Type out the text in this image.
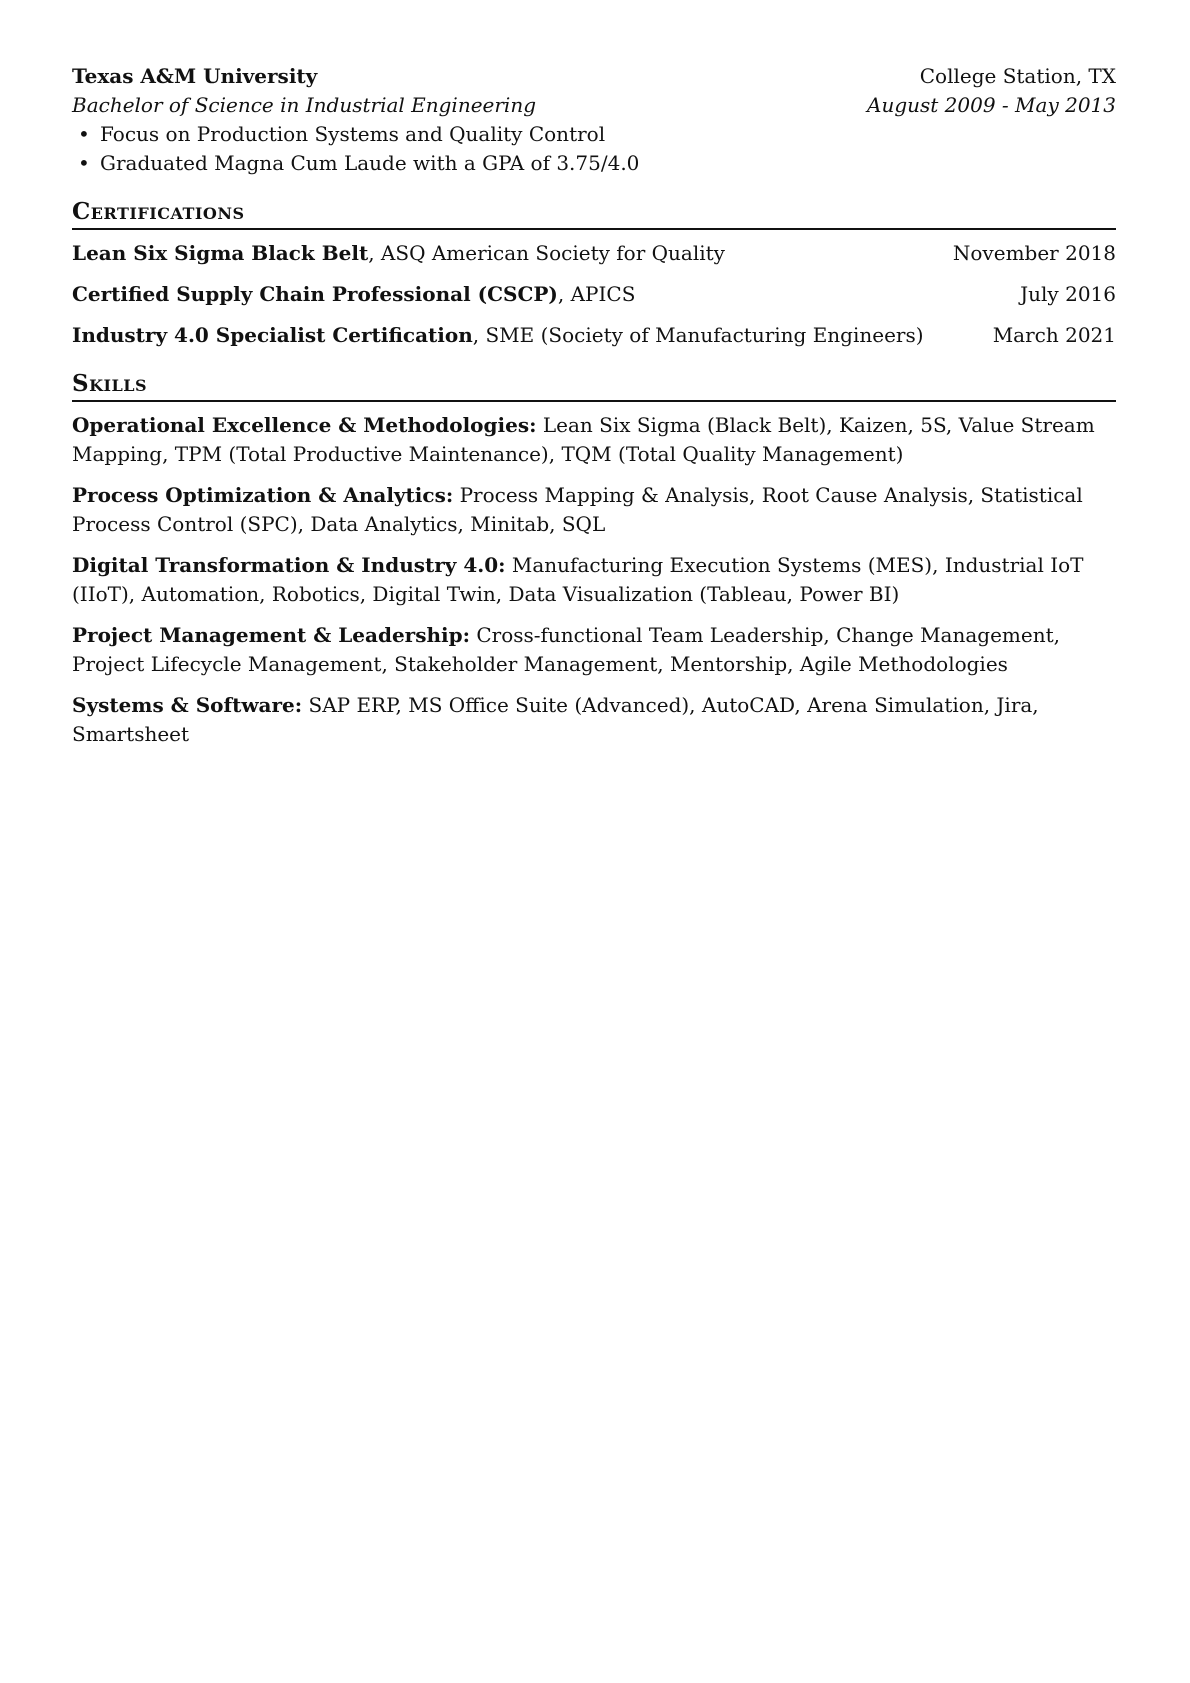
Texas A&M University	College Station, TX
Bachelor of Science in Industrial Engineering	August 2009 - May 2013
• Focus on Production Systems and Quality Control
• Graduated Magna Cum Laude with a GPA of 3.75/4.0
Certifications
Lean Six Sigma Black Belt, ASQ American Society for Quality	November 2018
Certified Supply Chain Professional (CSCP), APICS	July 2016
Industry 4.0 Specialist Certification, SME (Society of Manufacturing Engineers)	March 2021
Skills
Operational Excellence & Methodologies: Lean Six Sigma (Black Belt), Kaizen, 5S, Value Stream Mapping, TPM (Total Productive Maintenance), TQM (Total Quality Management)
Process Optimization & Analytics: Process Mapping & Analysis, Root Cause Analysis, Statistical Process Control (SPC), Data Analytics, Minitab, SQL
Digital Transformation & Industry 4.0: Manufacturing Execution Systems (MES), Industrial IoT (IIoT), Automation, Robotics, Digital Twin, Data Visualization (Tableau, Power BI)
Project Management & Leadership: Cross-functional Team Leadership, Change Management, Project Lifecycle Management, Stakeholder Management, Mentorship, Agile Methodologies
Systems & Software: SAP ERP, MS Office Suite (Advanced), AutoCAD, Arena Simulation, Jira, Smartsheet
